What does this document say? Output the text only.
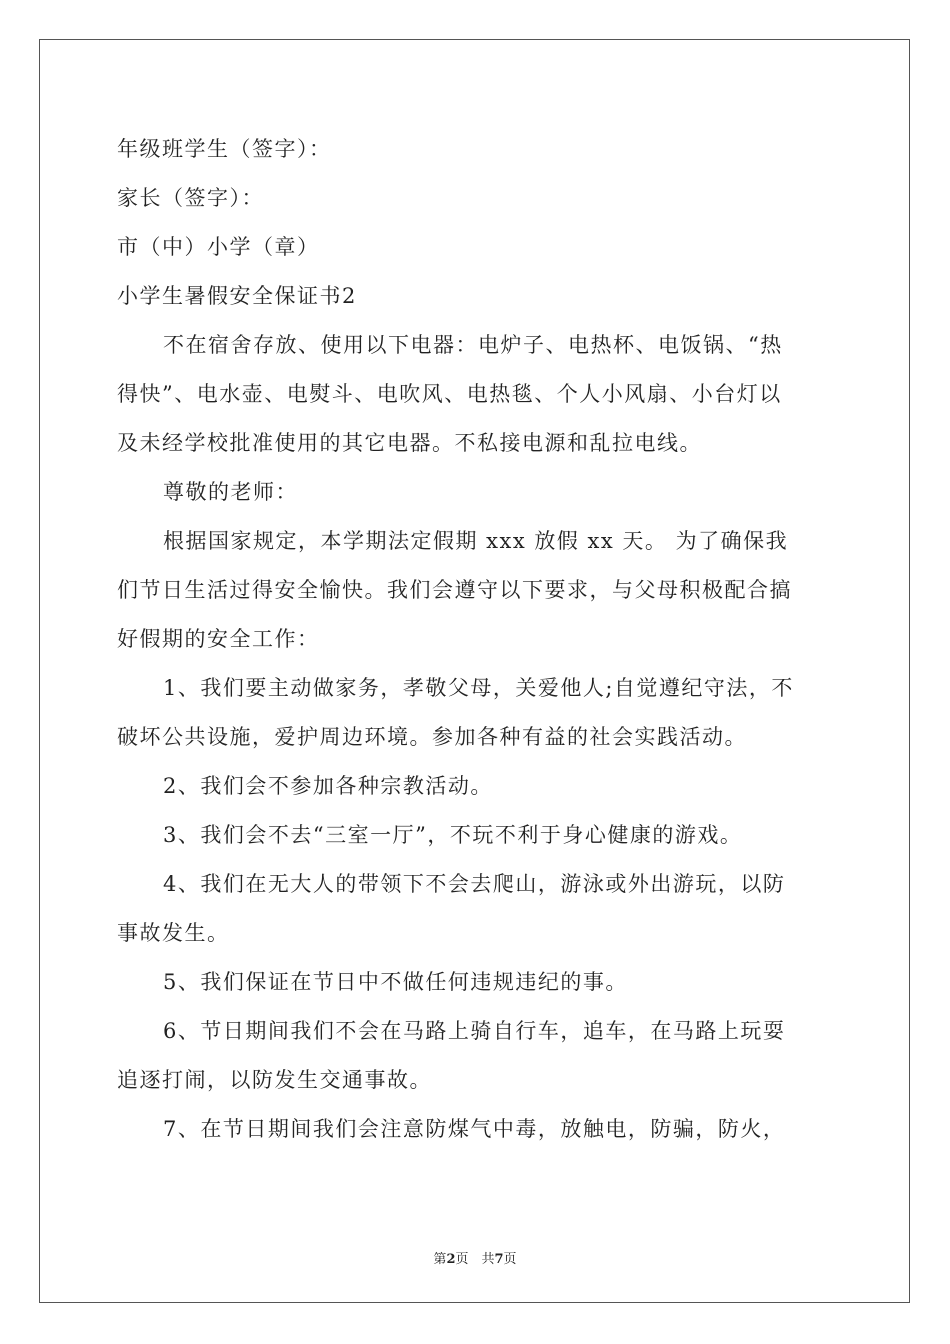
年级班学生（签字）：
家长（签字）：
市（中）小学（章）
小学生暑假安全保证书2
不在宿舍存放、使用以下电器：电炉子、电热杯、电饭锅、“热
得快”、电水壶、电熨斗、电吹风、电热毯、个人小风扇、小台灯以
及未经学校批准使用的其它电器。不私接电源和乱拉电线。
尊敬的老师：
根据国家规定，本学期法定假期 xxx 放假 xx 天。 为了确保我
们节日生活过得安全愉快。我们会遵守以下要求，与父母积极配合搞
好假期的安全工作：
1、我们要主动做家务，孝敬父母，关爱他人;自觉遵纪守法，不
破坏公共设施，爱护周边环境。参加各种有益的社会实践活动。
2、我们会不参加各种宗教活动。
3、我们会不去“三室一厅”，不玩不利于身心健康的游戏。
4、我们在无大人的带领下不会去爬山，游泳或外出游玩，以防
事故发生。
5、我们保证在节日中不做任何违规违纪的事。
6、节日期间我们不会在马路上骑自行车，追车，在马路上玩耍
追逐打闹，以防发生交通事故。
7、在节日期间我们会注意防煤气中毒，放触电，防骗，防火，
第2页　共7页
